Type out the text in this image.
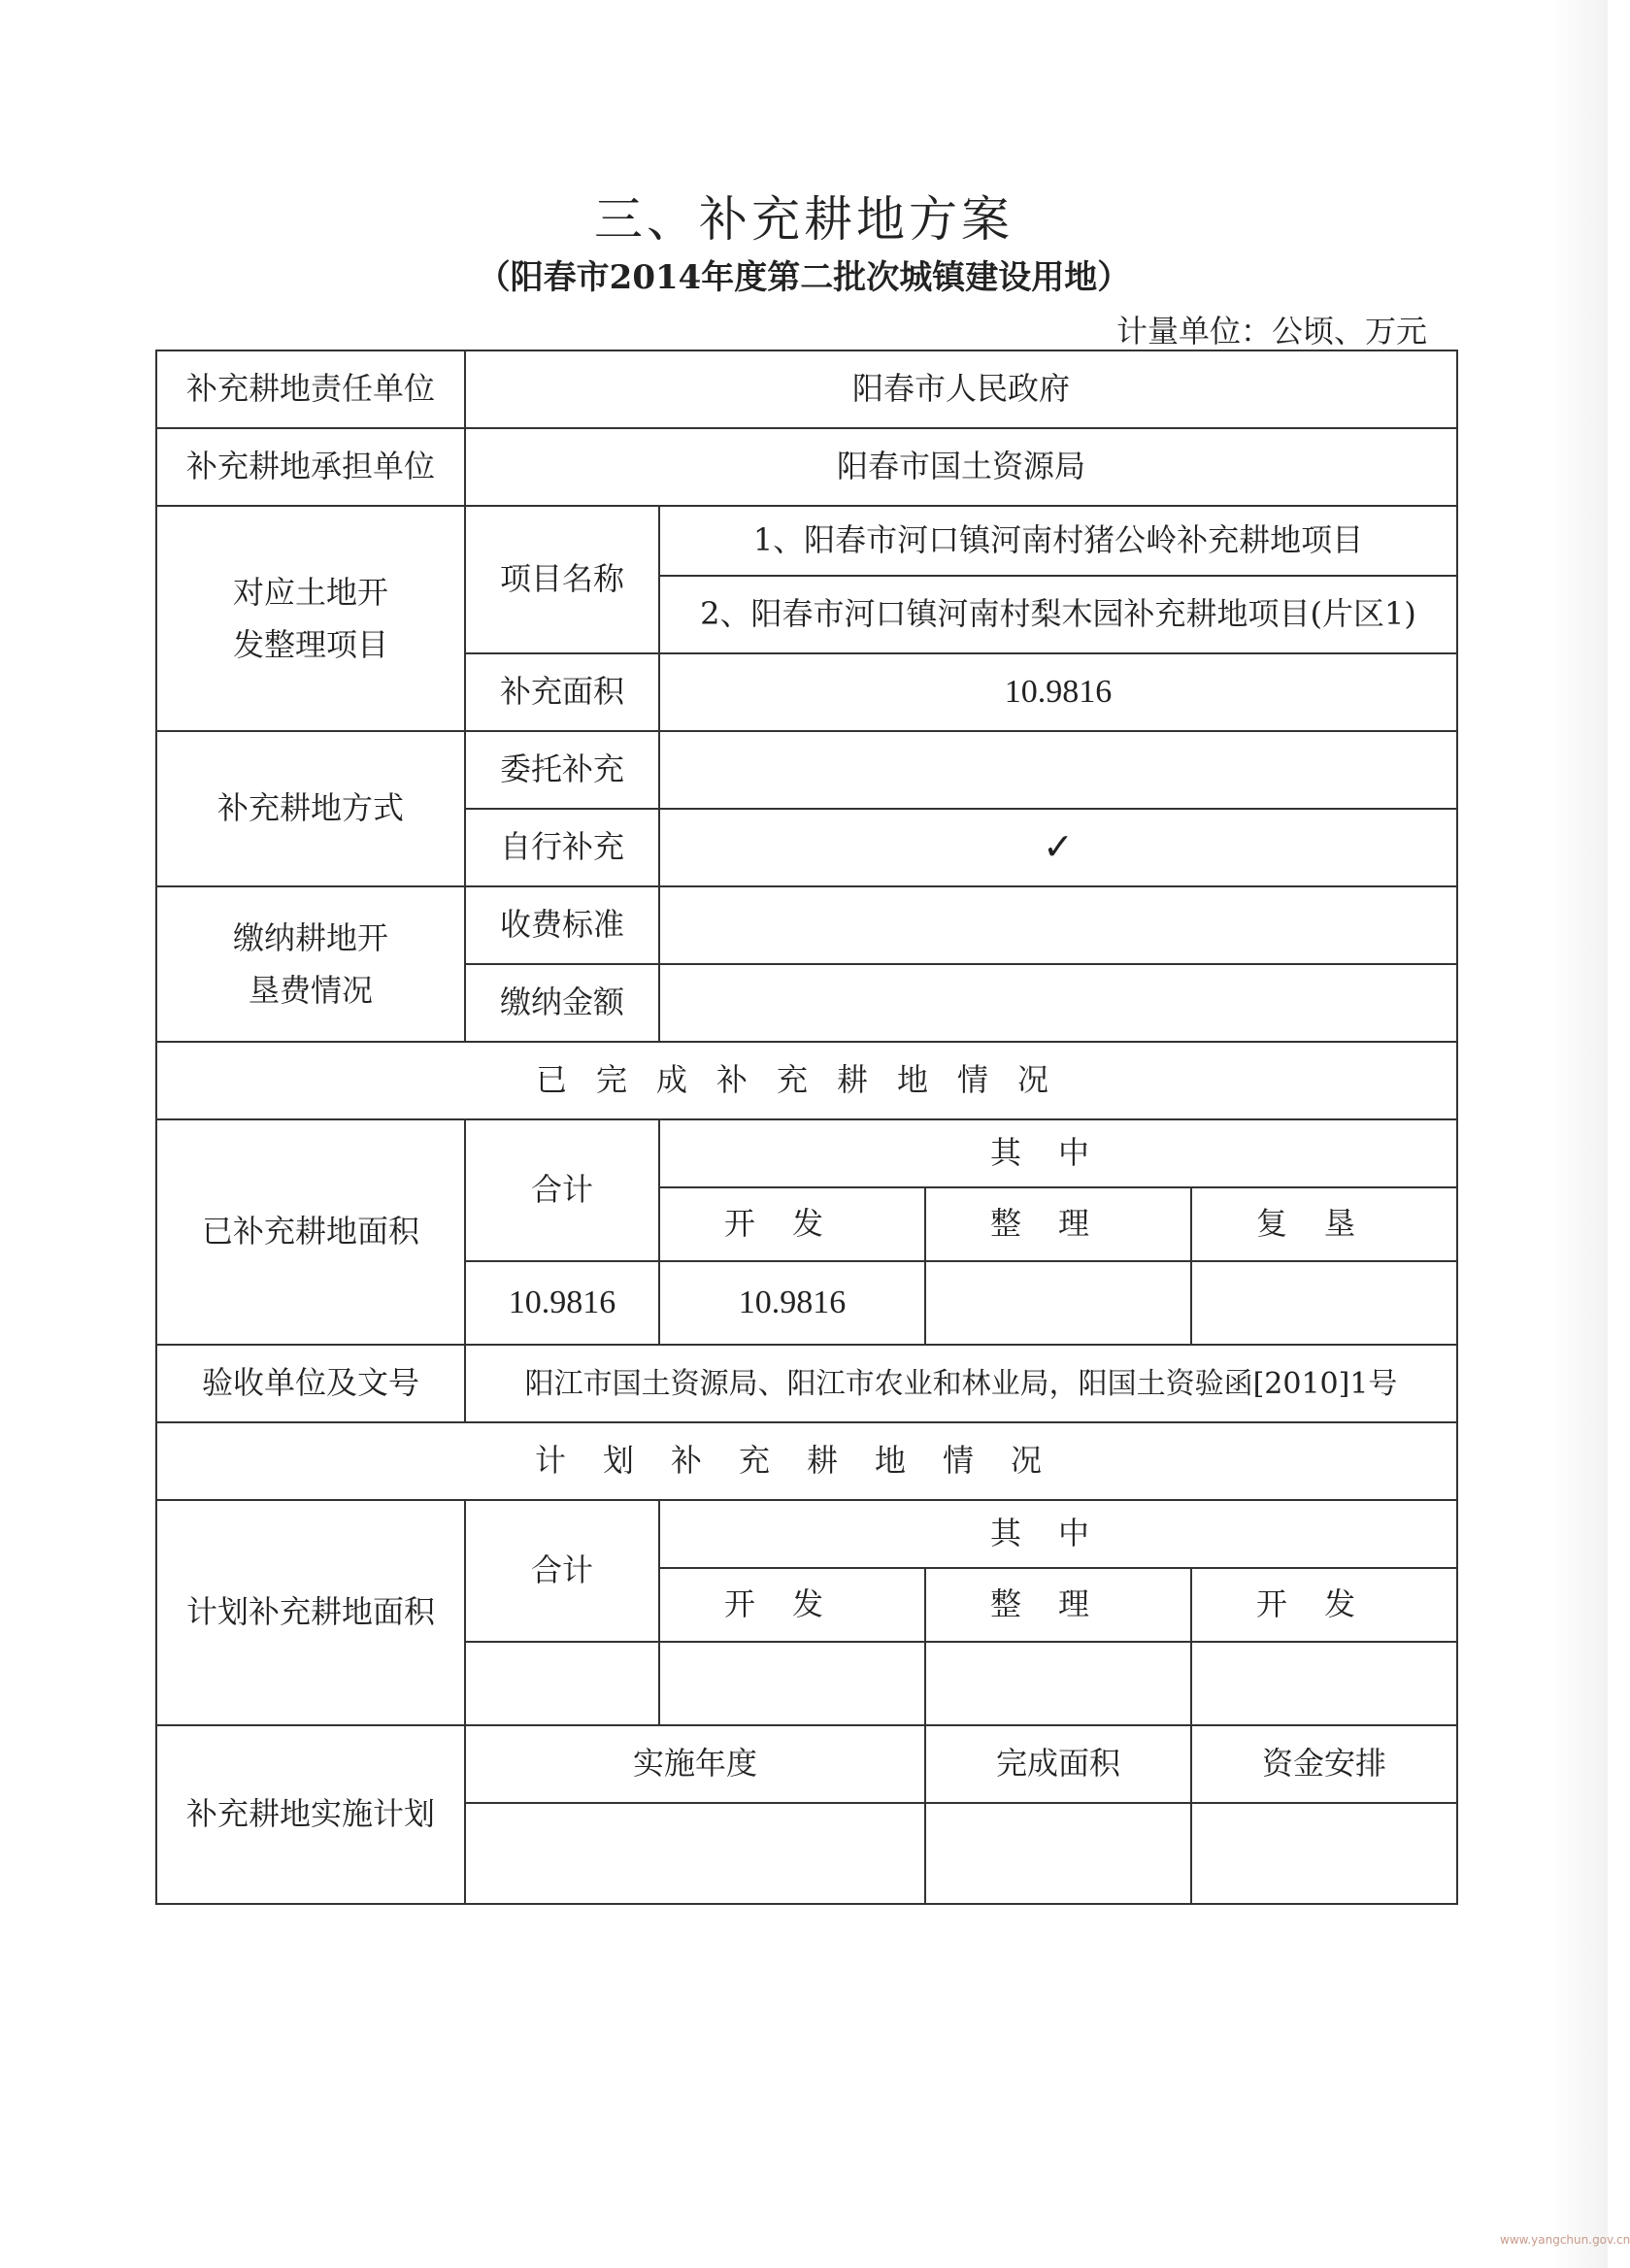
三、补充耕地方案
（阳春市2014年度第二批次城镇建设用地）
计量单位：公顷、万元
补充耕地责任单位	阳春市人民政府			
补充耕地承担单位	阳春市国土资源局			
对应土地开发整理项目	项目名称	1、阳春市河口镇河南村猪公岭补充耕地项目		
		2、阳春市河口镇河南村梨木园补充耕地项目(片区1)		
	补充面积	10.9816		
补充耕地方式	委托补充			
	自行补充	✓		
缴纳耕地开垦费情况	收费标准			
	缴纳金额			
已完成补充耕地情况				
已补充耕地面积	合计	其中		
		开发	整理	复垦
	10.9816	10.9816		
验收单位及文号	阳江市国土资源局、阳江市农业和林业局，阳国土资验函[2010]1号			
计划补充耕地情况				
计划补充耕地面积	合计	其中		
		开发	整理	开发

补充耕地实施计划	实施年度		完成面积	资金安排

www.yangchun.gov.cn
